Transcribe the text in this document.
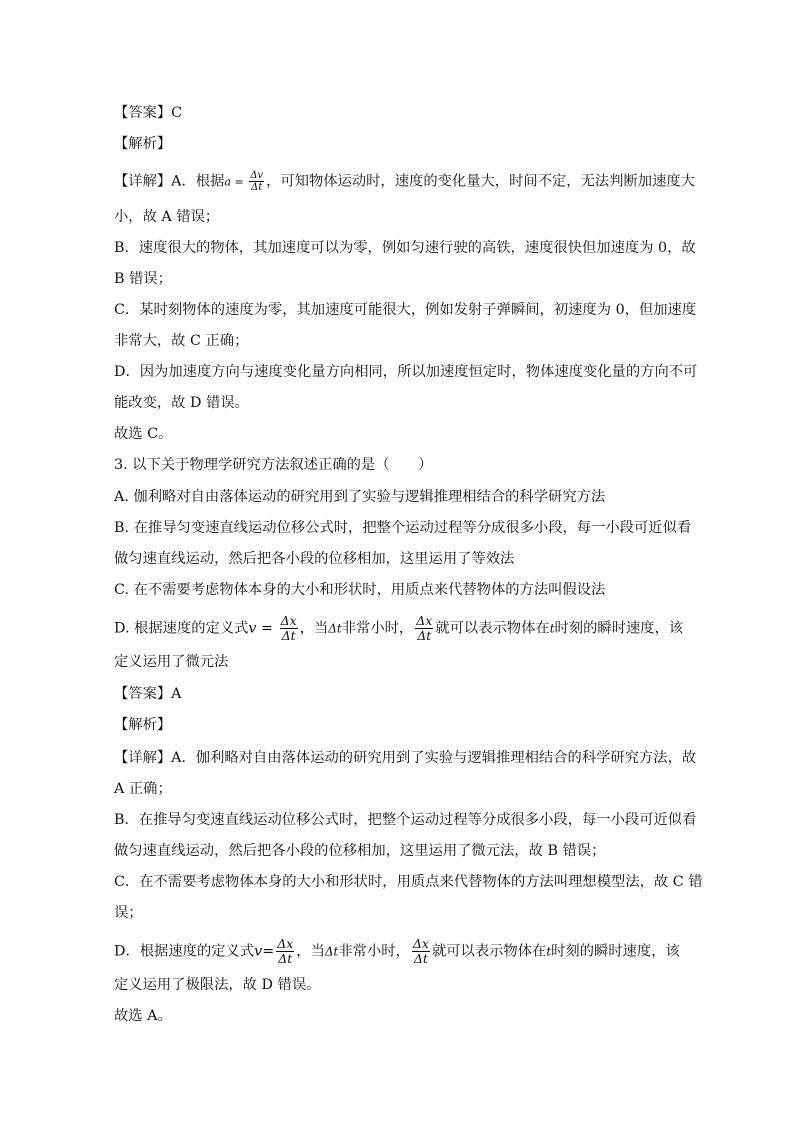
【答案】C
【解析】
【详解】A．根据$a = \frac{\Delta v}{\Delta t}$ ，可知物体运动时，速度的变化量大，时间不定，无法判断加速度大
小，故 A 错误；
B．速度很大的物体，其加速度可以为零，例如匀速行驶的高铁，速度很快但加速度为 0，故
B 错误；
C．某时刻物体的速度为零，其加速度可能很大，例如发射子弹瞬间，初速度为 0，但加速度
非常大，故 C 正确；
D．因为加速度方向与速度变化量方向相同，所以加速度恒定时，物体速度变化量的方向不可
能改变，故 D 错误。
故选 C。
3. 以下关于物理学研究方法叙述正确的是（　　）
A. 伽利略对自由落体运动的研究用到了实验与逻辑推理相结合的科学研究方法
B. 在推导匀变速直线运动位移公式时，把整个运动过程等分成很多小段，每一小段可近似看
做匀速直线运动，然后把各小段的位移相加，这里运用了等效法
C. 在不需要考虑物体本身的大小和形状时，用质点来代替物体的方法叫假设法
D. 根据速度的定义式$v = \frac{\Delta x}{\Delta t}$ ，当Δt非常小时， $\frac{\Delta x}{\Delta t}$ 就可以表示物体在t时刻的瞬时速度，该
定义运用了微元法
【答案】A
【解析】
【详解】A．伽利略对自由落体运动的研究用到了实验与逻辑推理相结合的科学研究方法，故
A 正确；
B．在推导匀变速直线运动位移公式时，把整个运动过程等分成很多小段，每一小段可近似看
做匀速直线运动，然后把各小段的位移相加，这里运用了微元法，故 B 错误；
C．在不需要考虑物体本身的大小和形状时，用质点来代替物体的方法叫理想模型法，故 C 错
误；
D．根据速度的定义式$v= \frac{\Delta x}{\Delta t}$ ，当Δt非常小时， $\frac{\Delta x}{\Delta t}$ 就可以表示物体在t时刻的瞬时速度，该
定义运用了极限法，故 D 错误。
故选 A。
